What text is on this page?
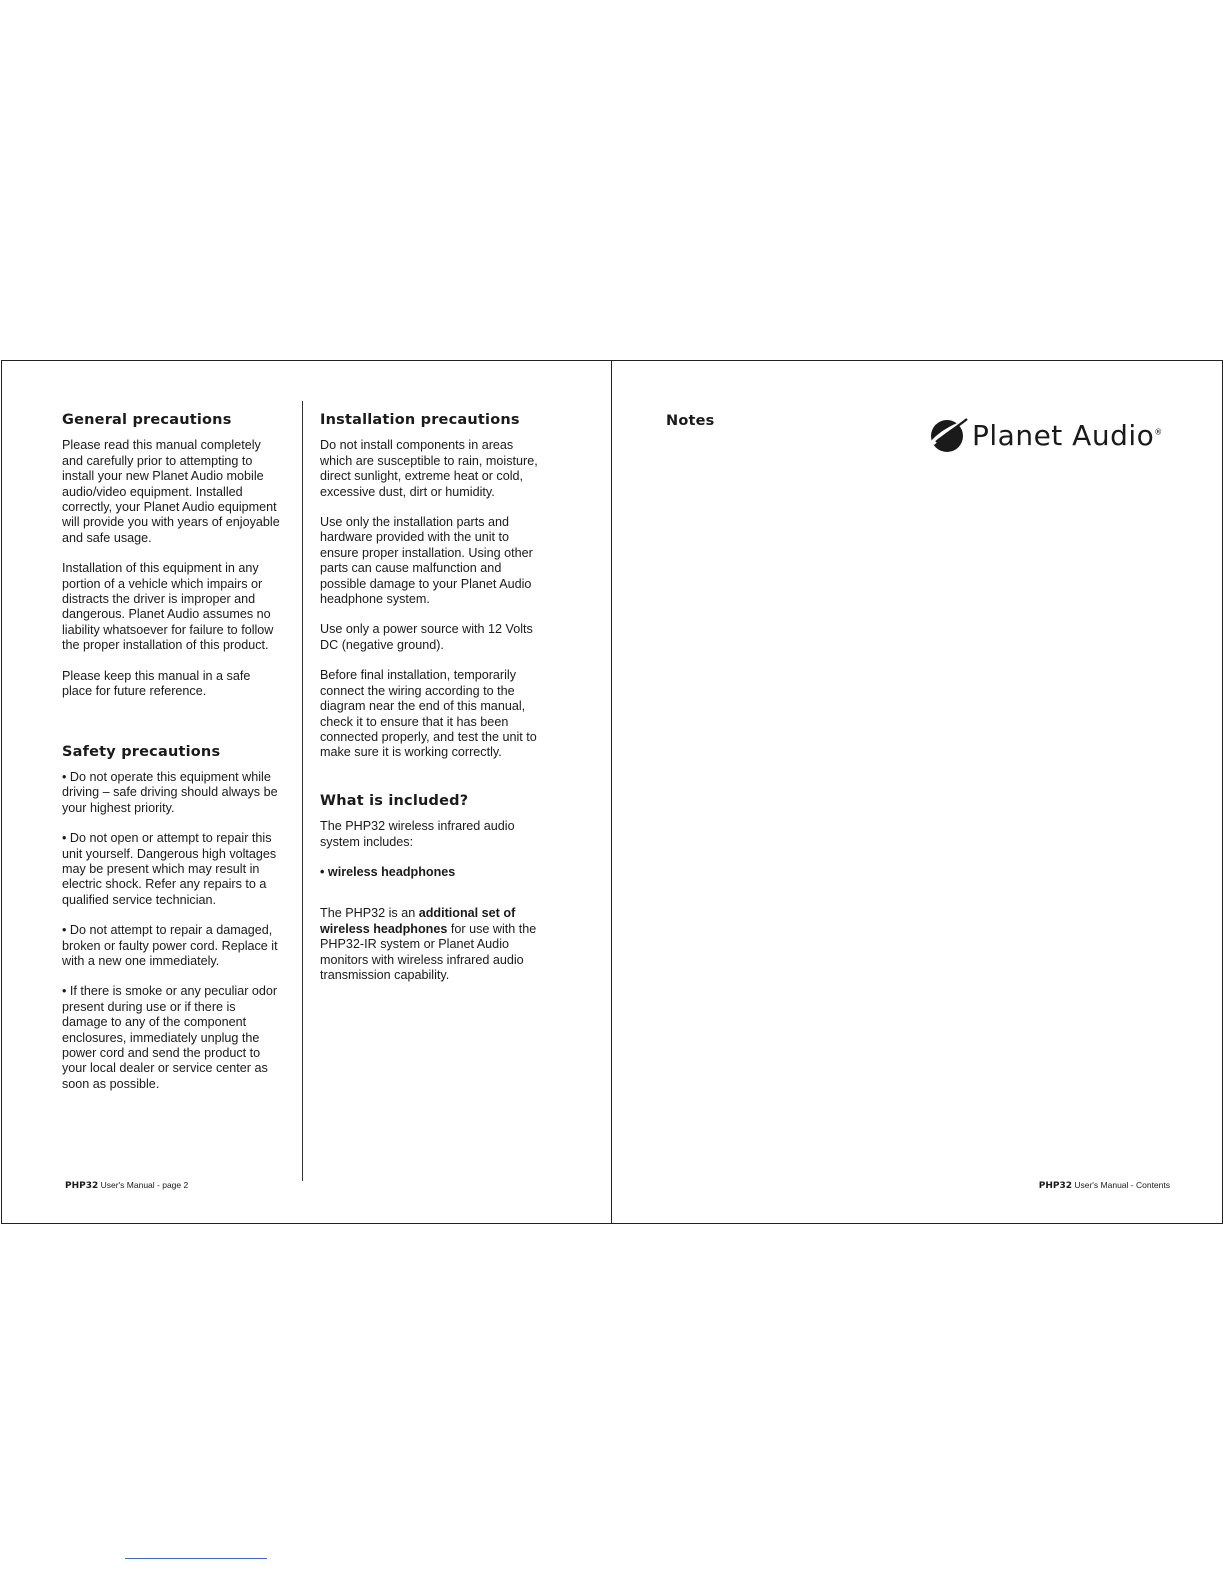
General precautions

Please read this manual completely and carefully prior to attempting to install your new Planet Audio mobile audio/video equipment. Installed correctly, your Planet Audio equipment will provide you with years of enjoyable and safe usage.

Installation of this equipment in any portion of a vehicle which impairs or distracts the driver is improper and dangerous. Planet Audio assumes no liability whatsoever for failure to follow the proper installation of this product.

Please keep this manual in a safe place for future reference.

Safety precautions

• Do not operate this equipment while driving – safe driving should always be your highest priority.

• Do not open or attempt to repair this unit yourself. Dangerous high voltages may be present which may result in electric shock. Refer any repairs to a qualified service technician.

• Do not attempt to repair a damaged, broken or faulty power cord. Replace it with a new one immediately.

• If there is smoke or any peculiar odor present during use or if there is damage to any of the component enclosures, immediately unplug the power cord and send the product to your local dealer or service center as soon as possible.

Installation precautions

Do not install components in areas which are susceptible to rain, moisture, direct sunlight, extreme heat or cold, excessive dust, dirt or humidity.

Use only the installation parts and hardware provided with the unit to ensure proper installation. Using other parts can cause malfunction and possible damage to your Planet Audio headphone system.

Use only a power source with 12 Volts DC (negative ground).

Before final installation, temporarily connect the wiring according to the diagram near the end of this manual, check it to ensure that it has been connected properly, and test the unit to make sure it is working correctly.

What is included?

The PHP32 wireless infrared audio system includes:

• wireless headphones

The PHP32 is an additional set of wireless headphones for use with the PHP32-IR system or Planet Audio monitors with wireless infrared audio transmission capability.

PHP32 User's Manual - page 2
Notes	Planet Audio®
PHP32 User's Manual - Contents
